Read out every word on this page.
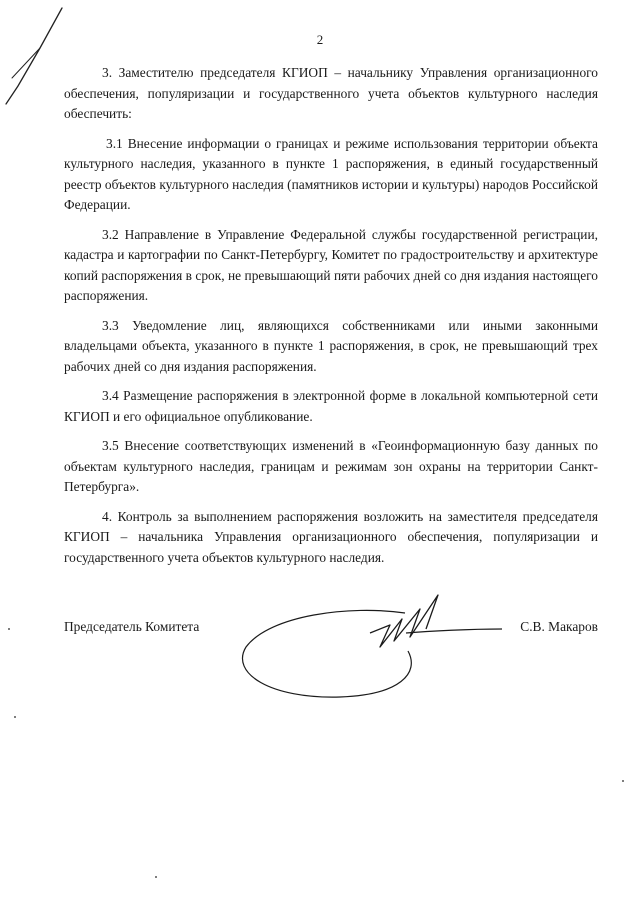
2

3. Заместителю председателя КГИОП – начальнику Управления организационного обеспечения, популяризации и государственного учета объектов культурного наследия обеспечить:

3.1 Внесение информации о границах и режиме использования территории объекта культурного наследия, указанного в пункте 1 распоряжения, в единый государственный реестр объектов культурного наследия (памятников истории и культуры) народов Российской Федерации.

3.2 Направление в Управление Федеральной службы государственной регистрации, кадастра и картографии по Санкт-Петербургу, Комитет по градостроительству и архитектуре копий распоряжения в срок, не превышающий пяти рабочих дней со дня издания настоящего распоряжения.

3.3 Уведомление лиц, являющихся собственниками или иными законными владельцами объекта, указанного в пункте 1 распоряжения, в срок, не превышающий трех рабочих дней со дня издания распоряжения.

3.4 Размещение распоряжения в электронной форме в локальной компьютерной сети КГИОП и его официальное опубликование.

3.5 Внесение соответствующих изменений в «Геоинформационную базу данных по объектам культурного наследия, границам и режимам зон охраны на территории Санкт-Петербурга».

4. Контроль за выполнением распоряжения возложить на заместителя председателя КГИОП – начальника Управления организационного обеспечения, популяризации и государственного учета объектов культурного наследия.

Председатель Комитета	С.В. Макаров
